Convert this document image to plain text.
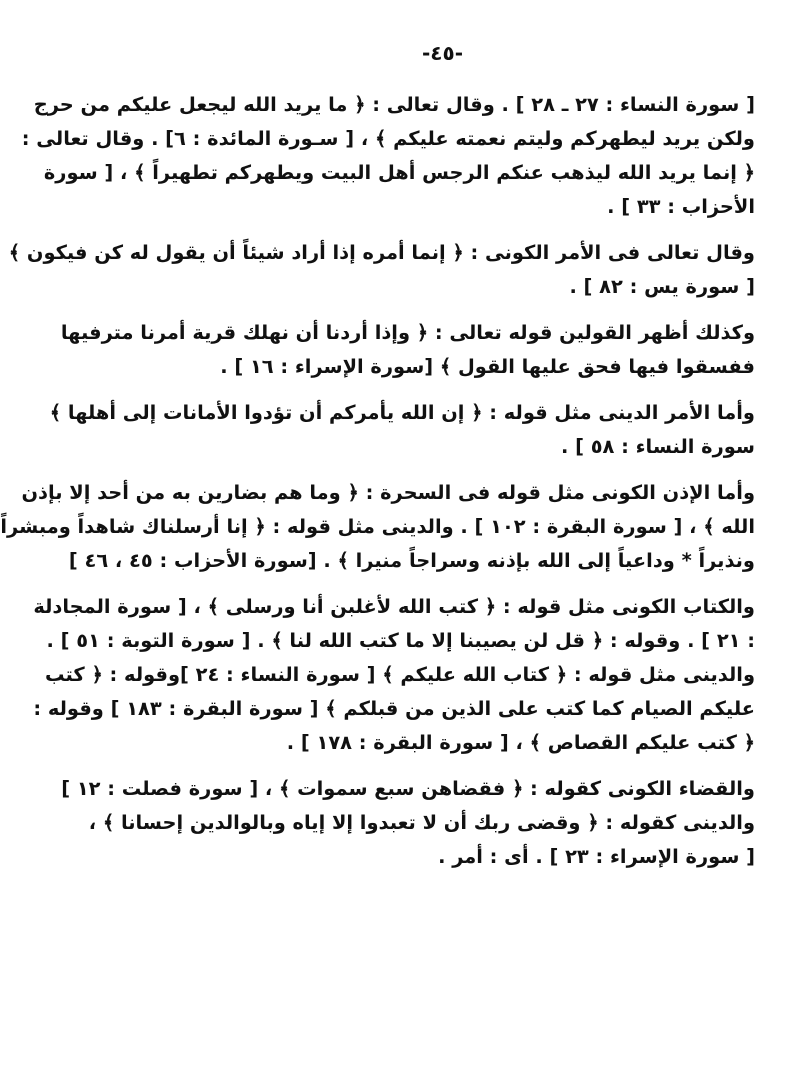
-٤٥-
[ سورة النساء : ٢٧ ـ ٢٨ ] . وقال تعالى : ﴿ ما يريد الله ليجعل عليكم من حرج
ولكن يريد ليطهركم وليتم نعمته عليكم ﴾ ، [ سـورة المائدة : ٦] . وقال تعالى :
﴿ إنما يريد الله ليذهب عنكم الرجس أهل البيت ويطهركم تطهيراً ﴾ ، [ سورة
الأحزاب : ٣٣ ] .
وقال تعالى فى الأمر الكونى : ﴿ إنما أمره إذا أراد شيئاً أن يقول له كن فيكون ﴾
[ سورة يس : ٨٢ ] .
وكذلك أظهر القولين قوله تعالى : ﴿ وإذا أردنا أن نهلك قرية أمرنا مترفيها
ففسقوا فيها فحق عليها القول ﴾ [سورة الإسراء : ١٦ ] .
وأما الأمر الدينى مثل قوله : ﴿ إن الله يأمركم أن تؤدوا الأمانات إلى أهلها ﴾
سورة النساء : ٥٨ ] .
وأما الإذن الكونى مثل قوله فى السحرة : ﴿ وما هم بضارين به من أحد إلا بإذن
الله ﴾ ، [ سورة البقرة : ١٠٢ ] . والدينى مثل قوله : ﴿ إنا أرسلناك شاهداً ومبشراً
ونذيراً * وداعياً إلى الله بإذنه وسراجاً منيرا ﴾ . [سورة الأحزاب : ٤٥ ، ٤٦ ]
والكتاب الكونى مثل قوله : ﴿ كتب الله لأغلبن أنا ورسلى ﴾ ، [ سورة المجادلة
: ٢١ ] . وقوله : ﴿ قل لن يصيبنا إلا ما كتب الله لنا ﴾ . [ سورة التوبة : ٥١ ] .
والدينى مثل قوله : ﴿ كتاب الله عليكم ﴾ [ سورة النساء : ٢٤ ]وقوله : ﴿ كتب
عليكم الصيام كما كتب على الذين من قبلكم ﴾ [ سورة البقرة : ١٨٣ ] وقوله :
﴿ كتب عليكم القصاص ﴾ ، [ سورة البقرة : ١٧٨ ] .
والقضاء الكونى كقوله : ﴿ فقضاهن سبع سموات ﴾ ، [ سورة فصلت : ١٢ ]
والدينى كقوله : ﴿ وقضى ربك أن لا تعبدوا إلا إياه وبالوالدين إحسانا ﴾ ،
[ سورة الإسراء : ٢٣ ] . أى : أمر .
